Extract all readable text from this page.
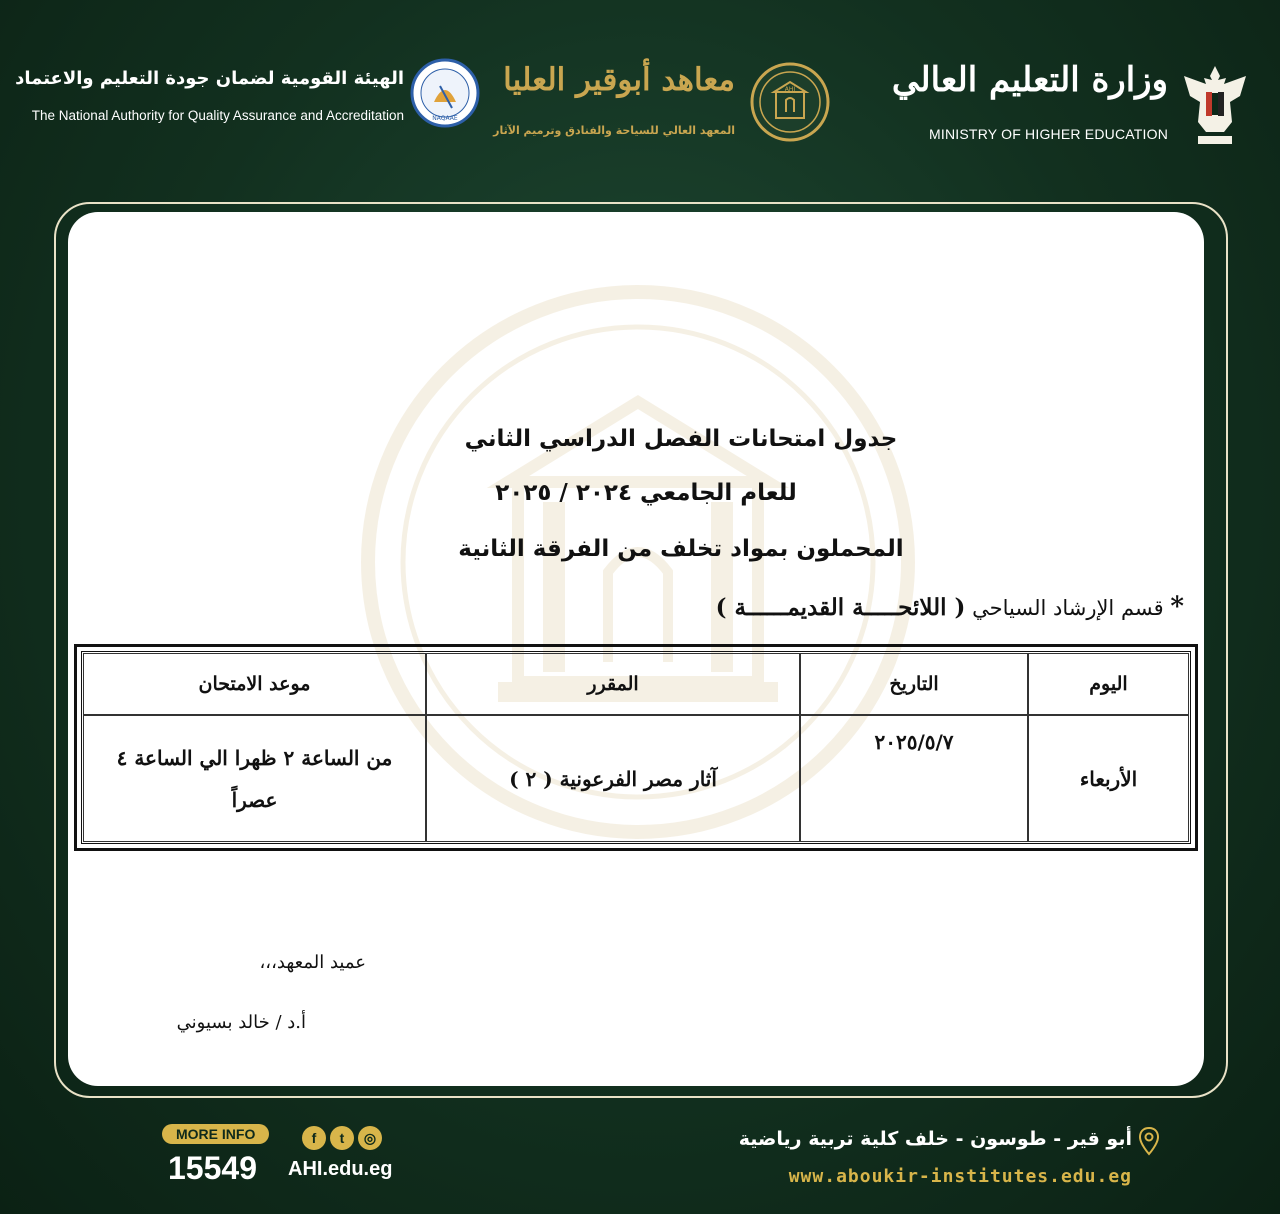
وزارة التعليم العالي
MINISTRY OF HIGHER EDUCATION
AHI
معاهد أبوقير العليا
المعهد العالي للسياحة والفنادق وترميم الآثار
الهيئة القومية لضمان جودة التعليم والاعتماد
The National Authority for Quality Assurance and Accreditation	NAQAAE
جدول امتحانات الفصل الدراسي الثاني
للعام الجامعي ٢٠٢٤ / ٢٠٢٥
المحملون بمواد تخلف من الفرقة الثانية
* قسم الإرشاد السياحي ( اللائحـــــة القديمــــــة )
اليوم	التاريخ	المقرر	موعد الامتحان
الأربعاء	٢٠٢٥/٥/٧	آثار مصر الفرعونية ( ٢ )	من الساعة ٢ ظهرا الي الساعة ٤
عصراً
عميد المعهد،،،
أ.د / خالد بسيوني
MORE INFO
15549
f	t	◎
AHI.edu.eg
أبو قير - طوسون - خلف كلية تربية رياضية
www.aboukir-institutes.edu.eg
